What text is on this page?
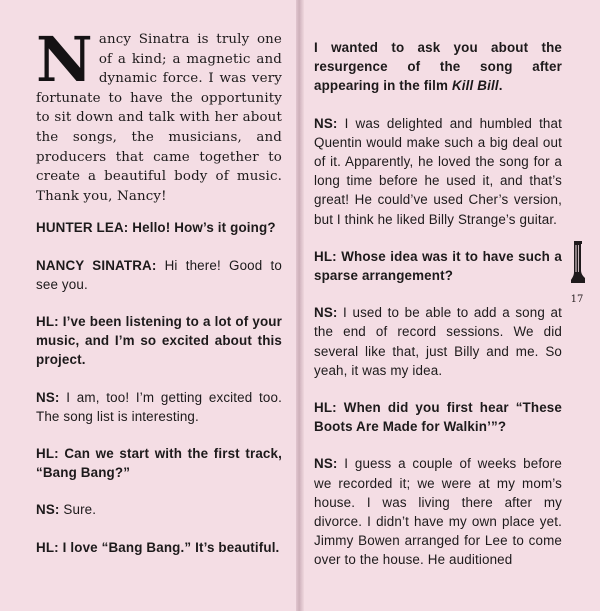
Nancy Sinatra is truly one of a kind; a magnetic and dynamic force. I was very fortunate to have the opportunity to sit down and talk with her about the songs, the musicians, and producers that came together to create a beautiful body of music. Thank you, Nancy!

HUNTER LEA: Hello! How’s it going?

NANCY SINATRA: Hi there! Good to see you.

HL: I’ve been listening to a lot of your music, and I’m so excited about this project.

NS: I am, too! I’m getting excited too. The song list is interesting.

HL: Can we start with the first track, “Bang Bang?”

NS: Sure.

HL: I love “Bang Bang.” It’s beautiful.

I wanted to ask you about the resurgence of the song after appearing in the film Kill Bill.

NS: I was delighted and humbled that Quentin would make such a big deal out of it. Apparently, he loved the song for a long time before he used it, and that’s great! He could’ve used Cher’s version, but I think he liked Billy Strange’s guitar.

HL: Whose idea was it to have such a sparse arrangement?

NS: I used to be able to add a song at the end of record sessions. We did several like that, just Billy and me. So yeah, it was my idea.

HL: When did you first hear “These Boots Are Made for Walkin’”?

NS: I guess a couple of weeks before we recorded it; we were at my mom’s house. I was living there after my divorce. I didn’t have my own place yet. Jimmy Bowen arranged for Lee to come over to the house. He auditioned

17
